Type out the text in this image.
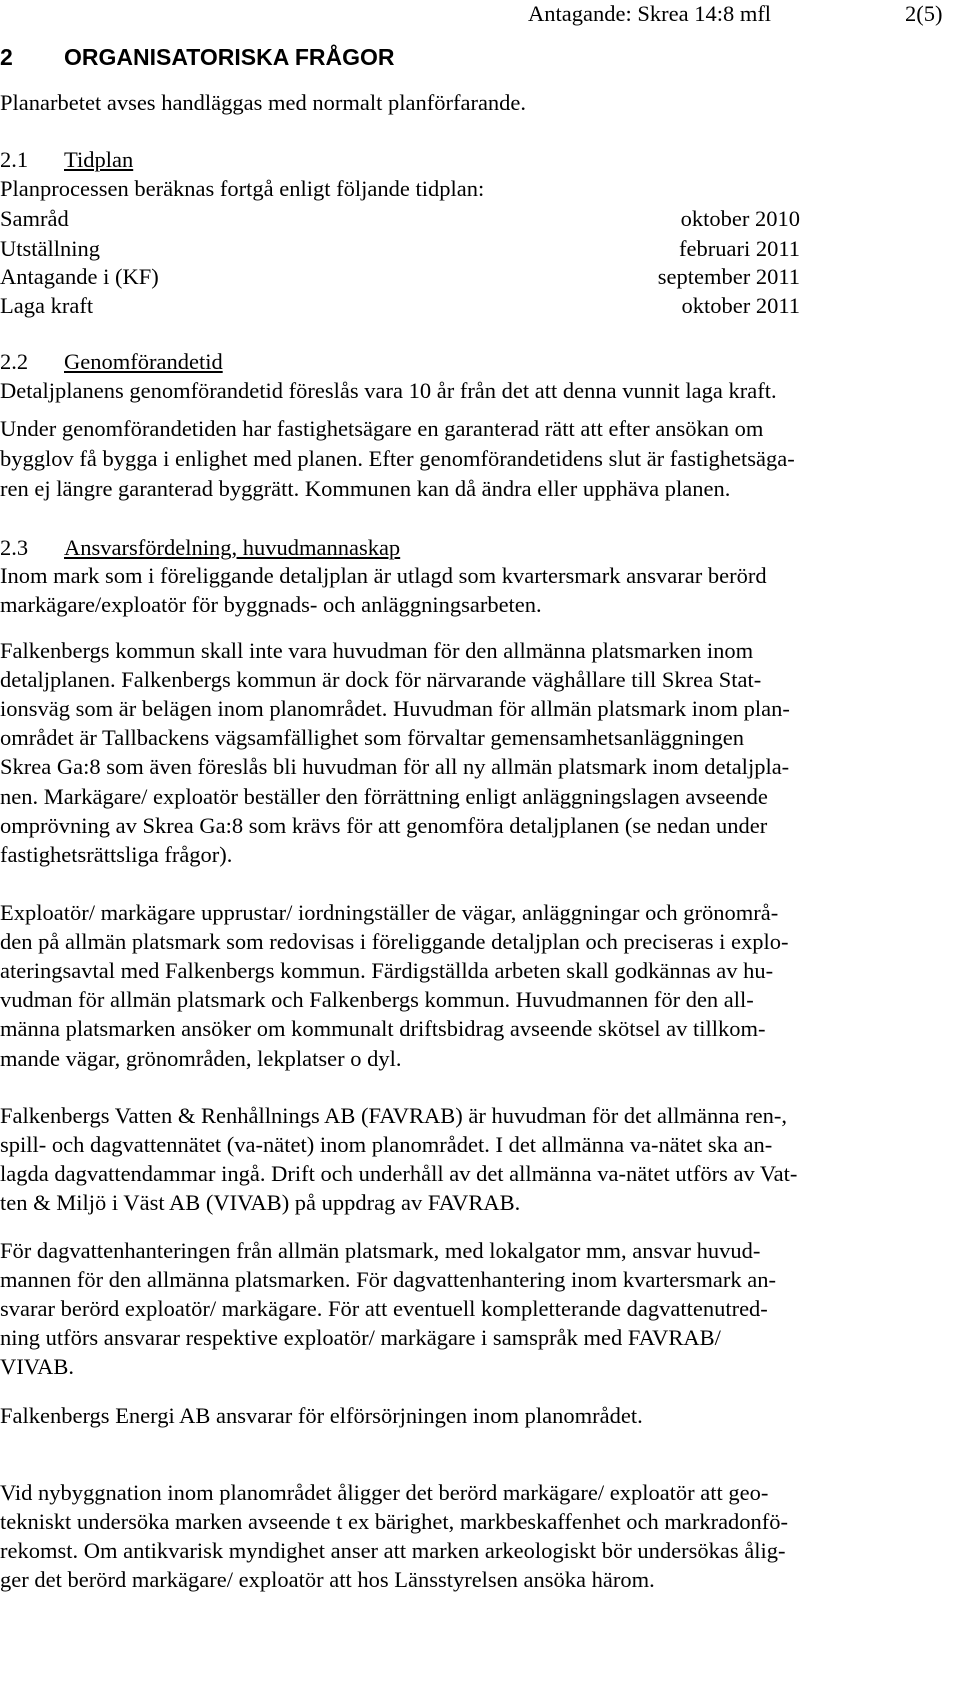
Antagande: Skrea 14:8 mfl	2(5)
2 ORGANISATORISKA FRÅGOR
Planarbetet avses handläggas med normalt planförfarande.
2.1 Tidplan
Planprocessen beräknas fortgå enligt följande tidplan:
Samråd	oktober 2010
Utställning	februari 2011
Antagande i (KF)	september 2011
Laga kraft	oktober 2011
2.2 Genomförandetid
Detaljplanens genomförandetid föreslås vara 10 år från det att denna vunnit laga kraft.
Under genomförandetiden har fastighetsägare en garanterad rätt att efter ansökan om
bygglov få bygga i enlighet med planen. Efter genomförandetidens slut är fastighetsäga-
ren ej längre garanterad byggrätt. Kommunen kan då ändra eller upphäva planen.
2.3 Ansvarsfördelning, huvudmannaskap
Inom mark som i föreliggande detaljplan är utlagd som kvartersmark ansvarar berörd
markägare/exploatör för byggnads- och anläggningsarbeten.
Falkenbergs kommun skall inte vara huvudman för den allmänna platsmarken inom
detaljplanen. Falkenbergs kommun är dock för närvarande väghållare till Skrea Stat-
ionsväg som är belägen inom planområdet. Huvudman för allmän platsmark inom plan-
området är Tallbackens vägsamfällighet som förvaltar gemensamhetsanläggningen
Skrea Ga:8 som även föreslås bli huvudman för all ny allmän platsmark inom detaljpla-
nen. Markägare/ exploatör beställer den förrättning enligt anläggningslagen avseende
omprövning av Skrea Ga:8 som krävs för att genomföra detaljplanen (se nedan under
fastighetsrättsliga frågor).
Exploatör/ markägare upprustar/ iordningställer de vägar, anläggningar och grönområ-
den på allmän platsmark som redovisas i föreliggande detaljplan och preciseras i explo-
ateringsavtal med Falkenbergs kommun. Färdigställda arbeten skall godkännas av hu-
vudman för allmän platsmark och Falkenbergs kommun. Huvudmannen för den all-
männa platsmarken ansöker om kommunalt driftsbidrag avseende skötsel av tillkom-
mande vägar, grönområden, lekplatser o dyl.
Falkenbergs Vatten & Renhållnings AB (FAVRAB) är huvudman för det allmänna ren-,
spill- och dagvattennätet (va-nätet) inom planområdet. I det allmänna va-nätet ska an-
lagda dagvattendammar ingå. Drift och underhåll av det allmänna va-nätet utförs av Vat-
ten & Miljö i Väst AB (VIVAB) på uppdrag av FAVRAB.
För dagvattenhanteringen från allmän platsmark, med lokalgator mm, ansvar huvud-
mannen för den allmänna platsmarken. För dagvattenhantering inom kvartersmark an-
svarar berörd exploatör/ markägare. För att eventuell kompletterande dagvattenutred-
ning utförs ansvarar respektive exploatör/ markägare i samspråk med FAVRAB/
VIVAB.
Falkenbergs Energi AB ansvarar för elförsörjningen inom planområdet.
Vid nybyggnation inom planområdet åligger det berörd markägare/ exploatör att geo-
tekniskt undersöka marken avseende t ex bärighet, markbeskaffenhet och markradonfö-
rekomst. Om antikvarisk myndighet anser att marken arkeologiskt bör undersökas ålig-
ger det berörd markägare/ exploatör att hos Länsstyrelsen ansöka härom.
